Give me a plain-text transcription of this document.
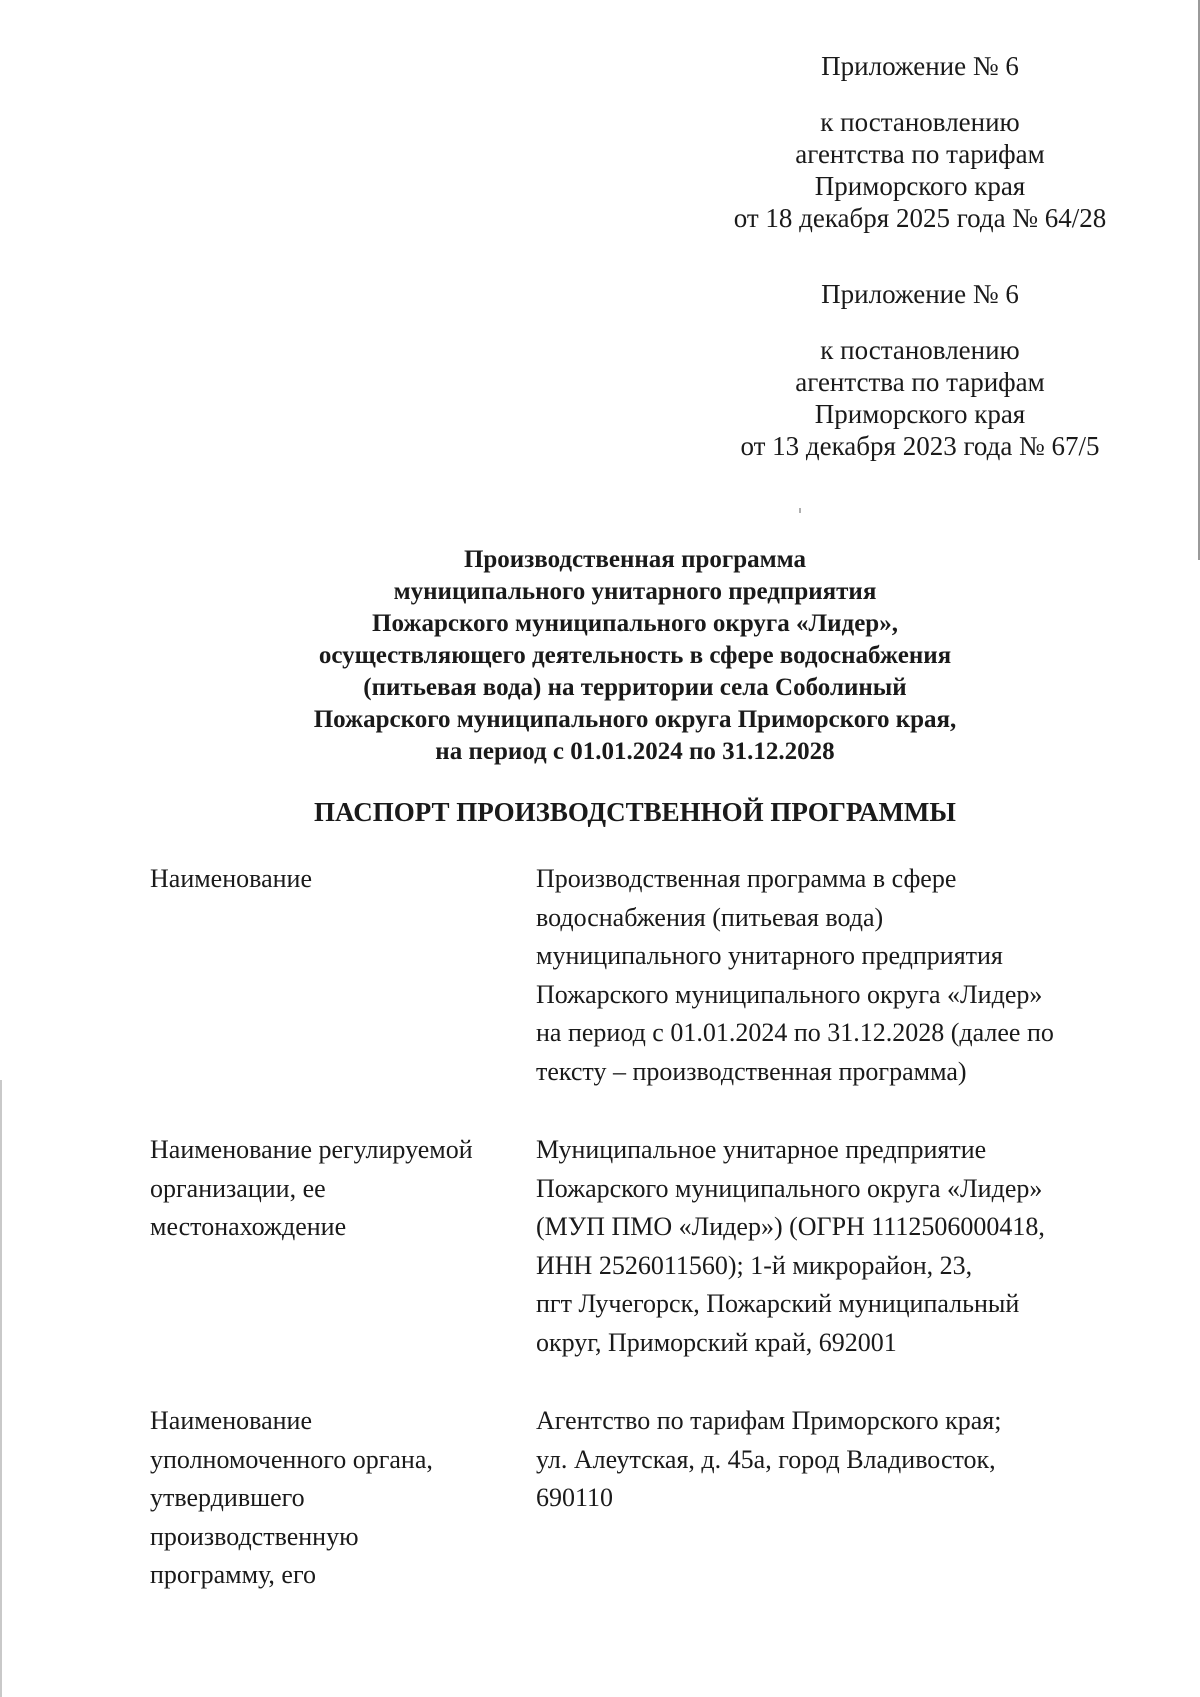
Приложение № 6
к постановлению
агентства по тарифам
Приморского края
от 18 декабря 2025 года № 64/28
Приложение № 6
к постановлению
агентства по тарифам
Приморского края
от 13 декабря 2023 года № 67/5
Производственная программа
муниципального унитарного предприятия
Пожарского муниципального округа «Лидер»,
осуществляющего деятельность в сфере водоснабжения
(питьевая вода) на территории села Соболиный
Пожарского муниципального округа Приморского края,
на период с 01.01.2024 по 31.12.2028
ПАСПОРТ ПРОИЗВОДСТВЕННОЙ ПРОГРАММЫ
Наименование	Производственная программа в сфере
водоснабжения (питьевая вода)
муниципального унитарного предприятия
Пожарского муниципального округа «Лидер»
на период с 01.01.2024 по 31.12.2028 (далее по
тексту – производственная программа)
Наименование регулируемой
организации, ее
местонахождение
Муниципальное унитарное предприятие
Пожарского муниципального округа «Лидер»
(МУП ПМО «Лидер») (ОГРН 1112506000418,
ИНН 2526011560); 1-й микрорайон, 23,
пгт Лучегорск, Пожарский муниципальный
округ, Приморский край, 692001
Наименование
уполномоченного органа,
утвердившего
производственную
программу, его
Агентство по тарифам Приморского края;
ул. Алеутская, д. 45а, город Владивосток,
690110
